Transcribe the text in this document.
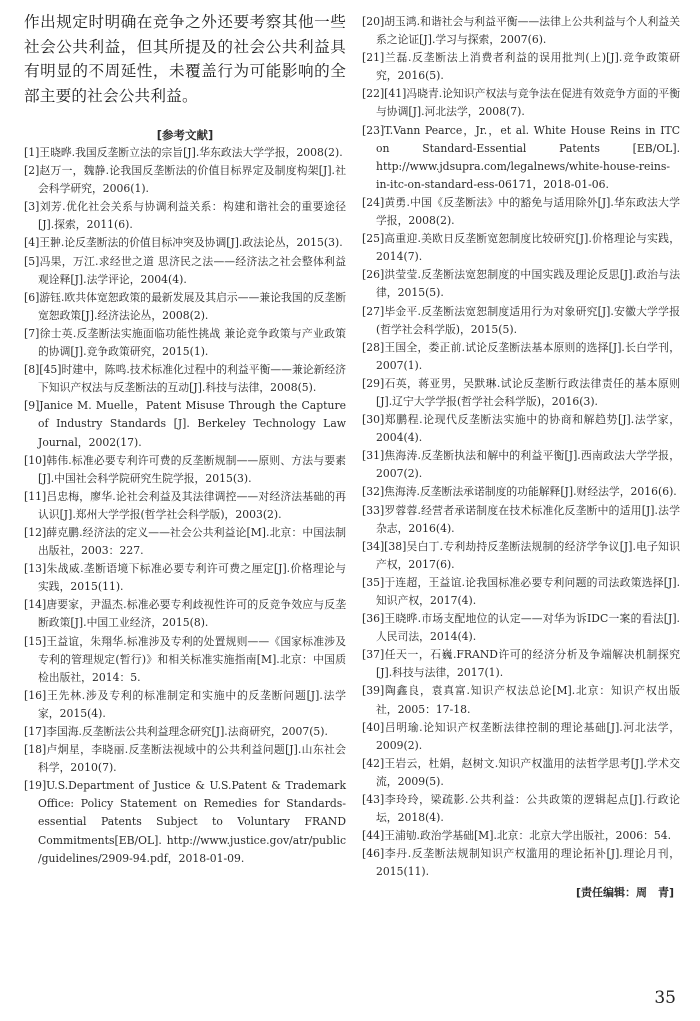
作出规定时明确在竞争之外还要考察其他一些社会公共利益，但其所提及的社会公共利益具有明显的不周延性，未覆盖行为可能影响的全部主要的社会公共利益。

[参考文献]

[1]王晓晔.我国反垄断立法的宗旨[J].华东政法大学学报，2008(2).

[2]赵万一，魏静.论我国反垄断法的价值目标界定及制度构架[J].社会科学研究，2006(1).

[3]刘芳.优化社会关系与协调利益关系：构建和谐社会的重要途径[J].探索，2011(6).

[4]王翀.论反垄断法的价值目标冲突及协调[J].政法论丛，2015(3).

[5]冯果，万江.求经世之道 思济民之法——经济法之社会整体利益观诠释[J].法学评论，2004(4).

[6]游钰.欧共体宽恕政策的最新发展及其启示——兼论我国的反垄断宽恕政策[J].经济法论丛，2008(2).

[7]徐士英.反垄断法实施面临功能性挑战 兼论竞争政策与产业政策的协调[J].竞争政策研究，2015(1).

[8][45]时建中，陈鸣.技术标准化过程中的利益平衡——兼论新经济下知识产权法与反垄断法的互动[J].科技与法律，2008(5).

[9]Janice M. Muelle，Patent Misuse Through the Capture of Industry Standards [J]. Berkeley Technology Law Journal，2002(17).

[10]韩伟.标准必要专利许可费的反垄断规制——原则、方法与要素[J].中国社会科学院研究生院学报，2015(3).

[11]吕忠梅，廖华.论社会利益及其法律调控——对经济法基础的再认识[J].郑州大学学报(哲学社会科学版)，2003(2).

[12]薛克鹏.经济法的定义——社会公共利益论[M].北京：中国法制出版社，2003：227.

[13]朱战威.垄断语境下标准必要专利许可费之厘定[J].价格理论与实践，2015(11).

[14]唐要家，尹温杰.标准必要专利歧视性许可的反竞争效应与反垄断政策[J].中国工业经济，2015(8).

[15]王益谊，朱翔华.标准涉及专利的处置规则——《国家标准涉及专利的管理规定(暂行)》和相关标准实施指南[M].北京：中国质检出版社，2014：5.

[16]王先林.涉及专利的标准制定和实施中的反垄断问题[J].法学家，2015(4).

[17]李国海.反垄断法公共利益理念研究[J].法商研究，2007(5).

[18]卢炯星，李晓丽.反垄断法视域中的公共利益问题[J].山东社会科学，2010(7).

[19]U.S.Department of Justice & U.S.Patent & Trademark Office: Policy Statement on Remedies for Standards-essential Patents Subject to Voluntary FRAND Commitments[EB/OL]. http://www.justice.gov/atr/public /guidelines/2909-94.pdf，2018-01-09.

[20]胡玉鸿.和谐社会与利益平衡——法律上公共利益与个人利益关系之论证[J].学习与探索，2007(6).

[21]兰磊.反垄断法上消费者利益的误用批判(上)[J].竞争政策研究，2016(5).

[22][41]冯晓青.论知识产权法与竞争法在促进有效竞争方面的平衡与协调[J].河北法学，2008(7).

[23]T.Vann Pearce，Jr.，et al. White House Reins in ITC on Standard-Essential Patents [EB/OL]. http://www.jdsupra.com/legalnews/white-house-reins-in-itc-on-standard-ess-06171，2018-01-06.

[24]黄勇.中国《反垄断法》中的豁免与适用除外[J].华东政法大学学报，2008(2).

[25]高重迎.美欧日反垄断宽恕制度比较研究[J].价格理论与实践，2014(7).

[26]洪莹莹.反垄断法宽恕制度的中国实践及理论反思[J].政治与法律，2015(5).

[27]毕金平.反垄断法宽恕制度适用行为对象研究[J].安徽大学学报(哲学社会科学版)，2015(5).

[28]王国全，娄正前.试论反垄断法基本原则的选择[J].长白学刊，2007(1).

[29]石英，蒋亚男，吴默琳.试论反垄断行政法律责任的基本原则[J].辽宁大学学报(哲学社会科学版)，2016(3).

[30]郑鹏程.论现代反垄断法实施中的协商和解趋势[J].法学家，2004(4).

[31]焦海涛.反垄断执法和解中的利益平衡[J].西南政法大学学报，2007(2).

[32]焦海涛.反垄断法承诺制度的功能解释[J].财经法学，2016(6).

[33]罗蓉蓉.经营者承诺制度在技术标准化反垄断中的适用[J].法学杂志，2016(4).

[34][38]吴白丁.专利劫持反垄断法规制的经济学争议[J].电子知识产权，2017(6).

[35]于连超，王益谊.论我国标准必要专利问题的司法政策选择[J].知识产权，2017(4).

[36]王晓晔.市场支配地位的认定——对华为诉IDC一案的看法[J].人民司法，2014(4).

[37]任天一，石巍.FRAND许可的经济分析及争端解决机制探究[J].科技与法律，2017(1).

[39]陶鑫良，袁真富.知识产权法总论[M].北京：知识产权出版社，2005：17-18.

[40]吕明瑜.论知识产权垄断法律控制的理论基础[J].河北法学，2009(2).

[42]王岩云，杜娟，赵树文.知识产权滥用的法哲学思考[J].学术交流，2009(5).

[43]李玲玲，梁疏影.公共利益：公共政策的逻辑起点[J].行政论坛，2018(4).

[44]王浦劬.政治学基础[M].北京：北京大学出版社，2006：54.

[46]李丹.反垄断法规制知识产权滥用的理论拓补[J].理论月刊，2015(11).

[责任编辑：周　青]
35
